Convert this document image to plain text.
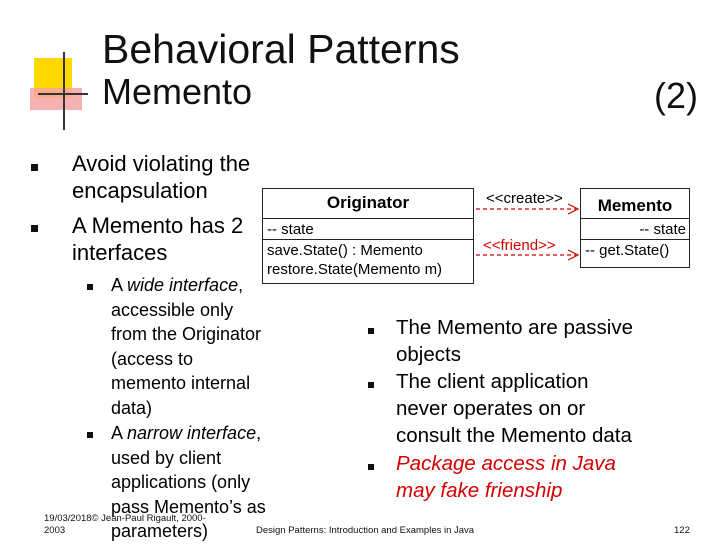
Behavioral Patterns
Memento	(2)
Avoid violating the
encapsulation
A Memento has 2
interfaces
A wide interface,
accessible only
from the Originator
(access to
memento internal
data)
A narrow interface,
used by client
applications (only
pass Memento’s as
parameters)
Originator
-- state
save.State() : Memento
restore.State(Memento m)
Memento
-- state
-- get.State()
<<create>>
<<friend>>
The Memento are passive
objects
The client application
never operates on or
consult the Memento data
Package access in Java
may fake frienship
19/03/2018© Jean-Paul Rigault, 2000-
2003	Design Patterns: Introduction and Examples in Java	122
